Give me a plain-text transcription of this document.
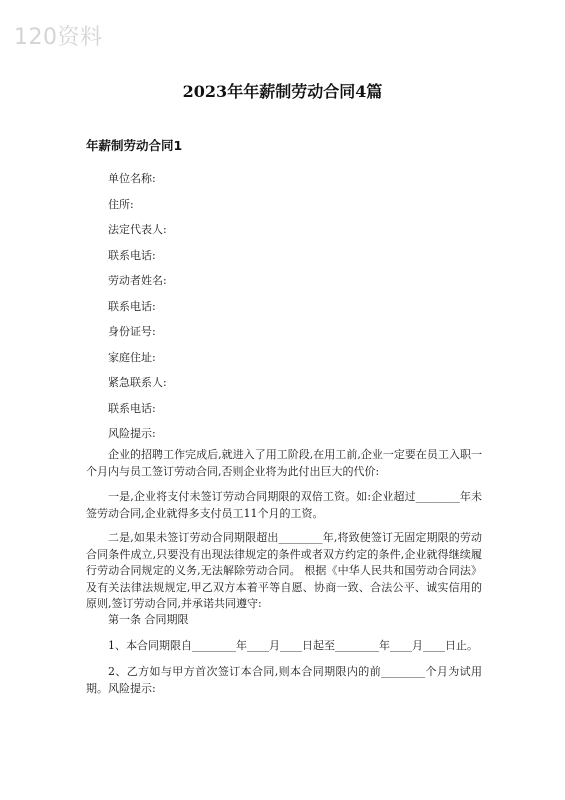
120资料
2023年年薪制劳动合同4篇
年薪制劳动合同1
单位名称:
住所:
法定代表人:
联系电话:
劳动者姓名:
联系电话:
身份证号:
家庭住址:
紧急联系人:
联系电话:
风险提示:

企业的招聘工作完成后,就进入了用工阶段,在用工前,企业一定要在员工入职一个月内与员工签订劳动合同,否则企业将为此付出巨大的代价:

一是,企业将支付未签订劳动合同期限的双倍工资。如:企业超过________年未签劳动合同,企业就得多支付员工11个月的工资。

二是,如果未签订劳动合同期限超出________年,将致使签订无固定期限的劳动合同条件成立,只要没有出现法律规定的条件或者双方约定的条件,企业就得继续履行劳动合同规定的义务,无法解除劳动合同。 根据《中华人民共和国劳动合同法》及有关法律法规规定,甲乙双方本着平等自愿、协商一致、合法公平、诚实信用的原则,签订劳动合同,并承诺共同遵守:

第一条 合同期限

1、本合同期限自________年____月____日起至________年____月____日止。

2、乙方如与甲方首次签订本合同,则本合同期限内的前________个月为试用期。风险提示:
